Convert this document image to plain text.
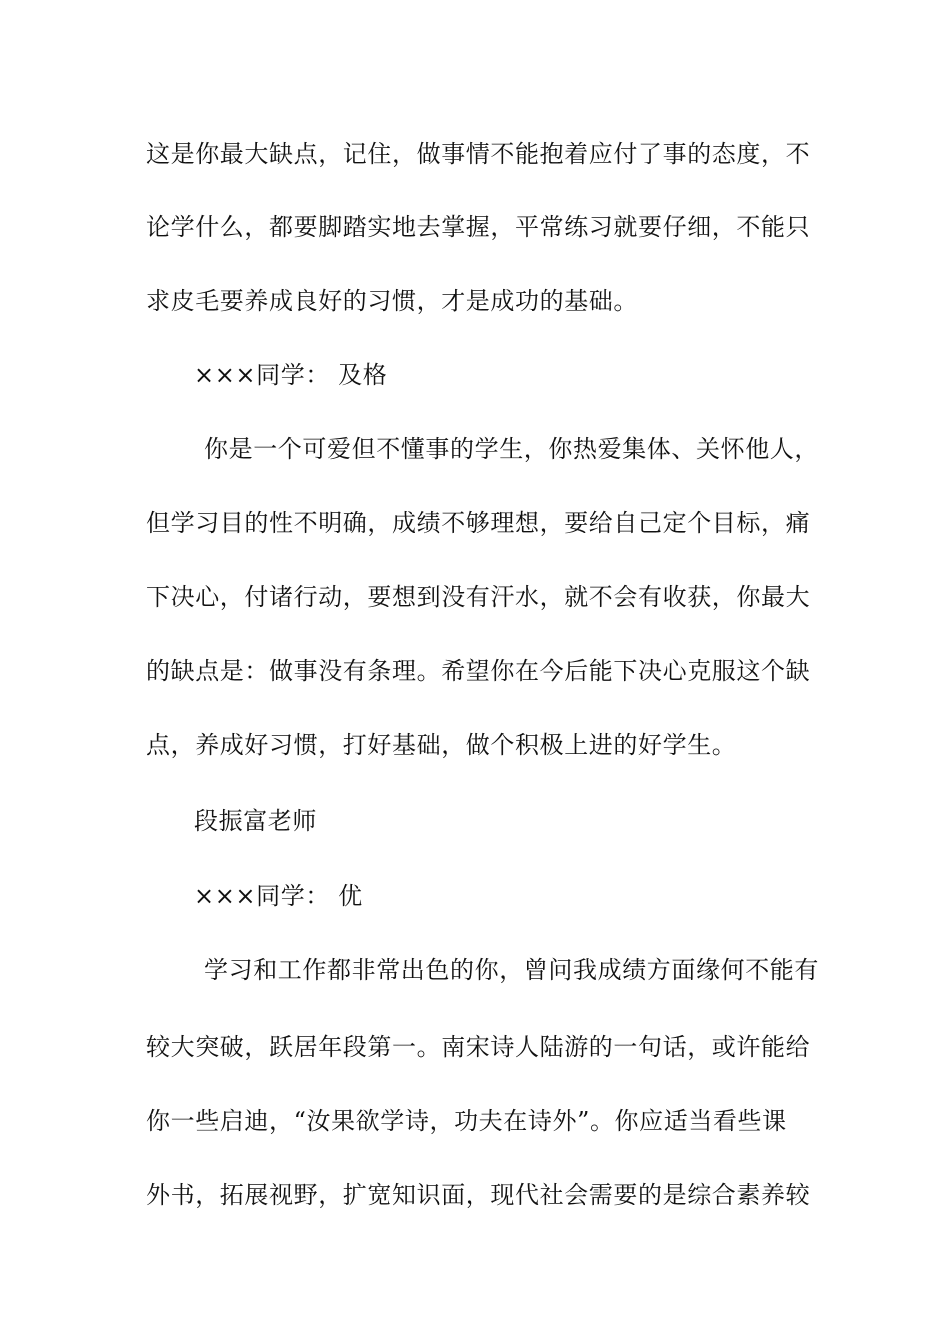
这是你最大缺点，记住，做事情不能抱着应付了事的态度，不
论学什么，都要脚踏实地去掌握，平常练习就要仔细，不能只
求皮毛要养成良好的习惯，才是成功的基础。
×××同学： 及格
你是一个可爱但不懂事的学生，你热爱集体、关怀他人，
但学习目的性不明确，成绩不够理想，要给自己定个目标，痛
下决心，付诸行动，要想到没有汗水，就不会有收获，你最大
的缺点是：做事没有条理。希望你在今后能下决心克服这个缺
点，养成好习惯，打好基础，做个积极上进的好学生。
段振富老师
×××同学： 优
学习和工作都非常出色的你，曾问我成绩方面缘何不能有
较大突破，跃居年段第一。南宋诗人陆游的一句话，或许能给
你一些启迪，“汝果欲学诗，功夫在诗外”。你应适当看些课
外书，拓展视野，扩宽知识面，现代社会需要的是综合素养较
